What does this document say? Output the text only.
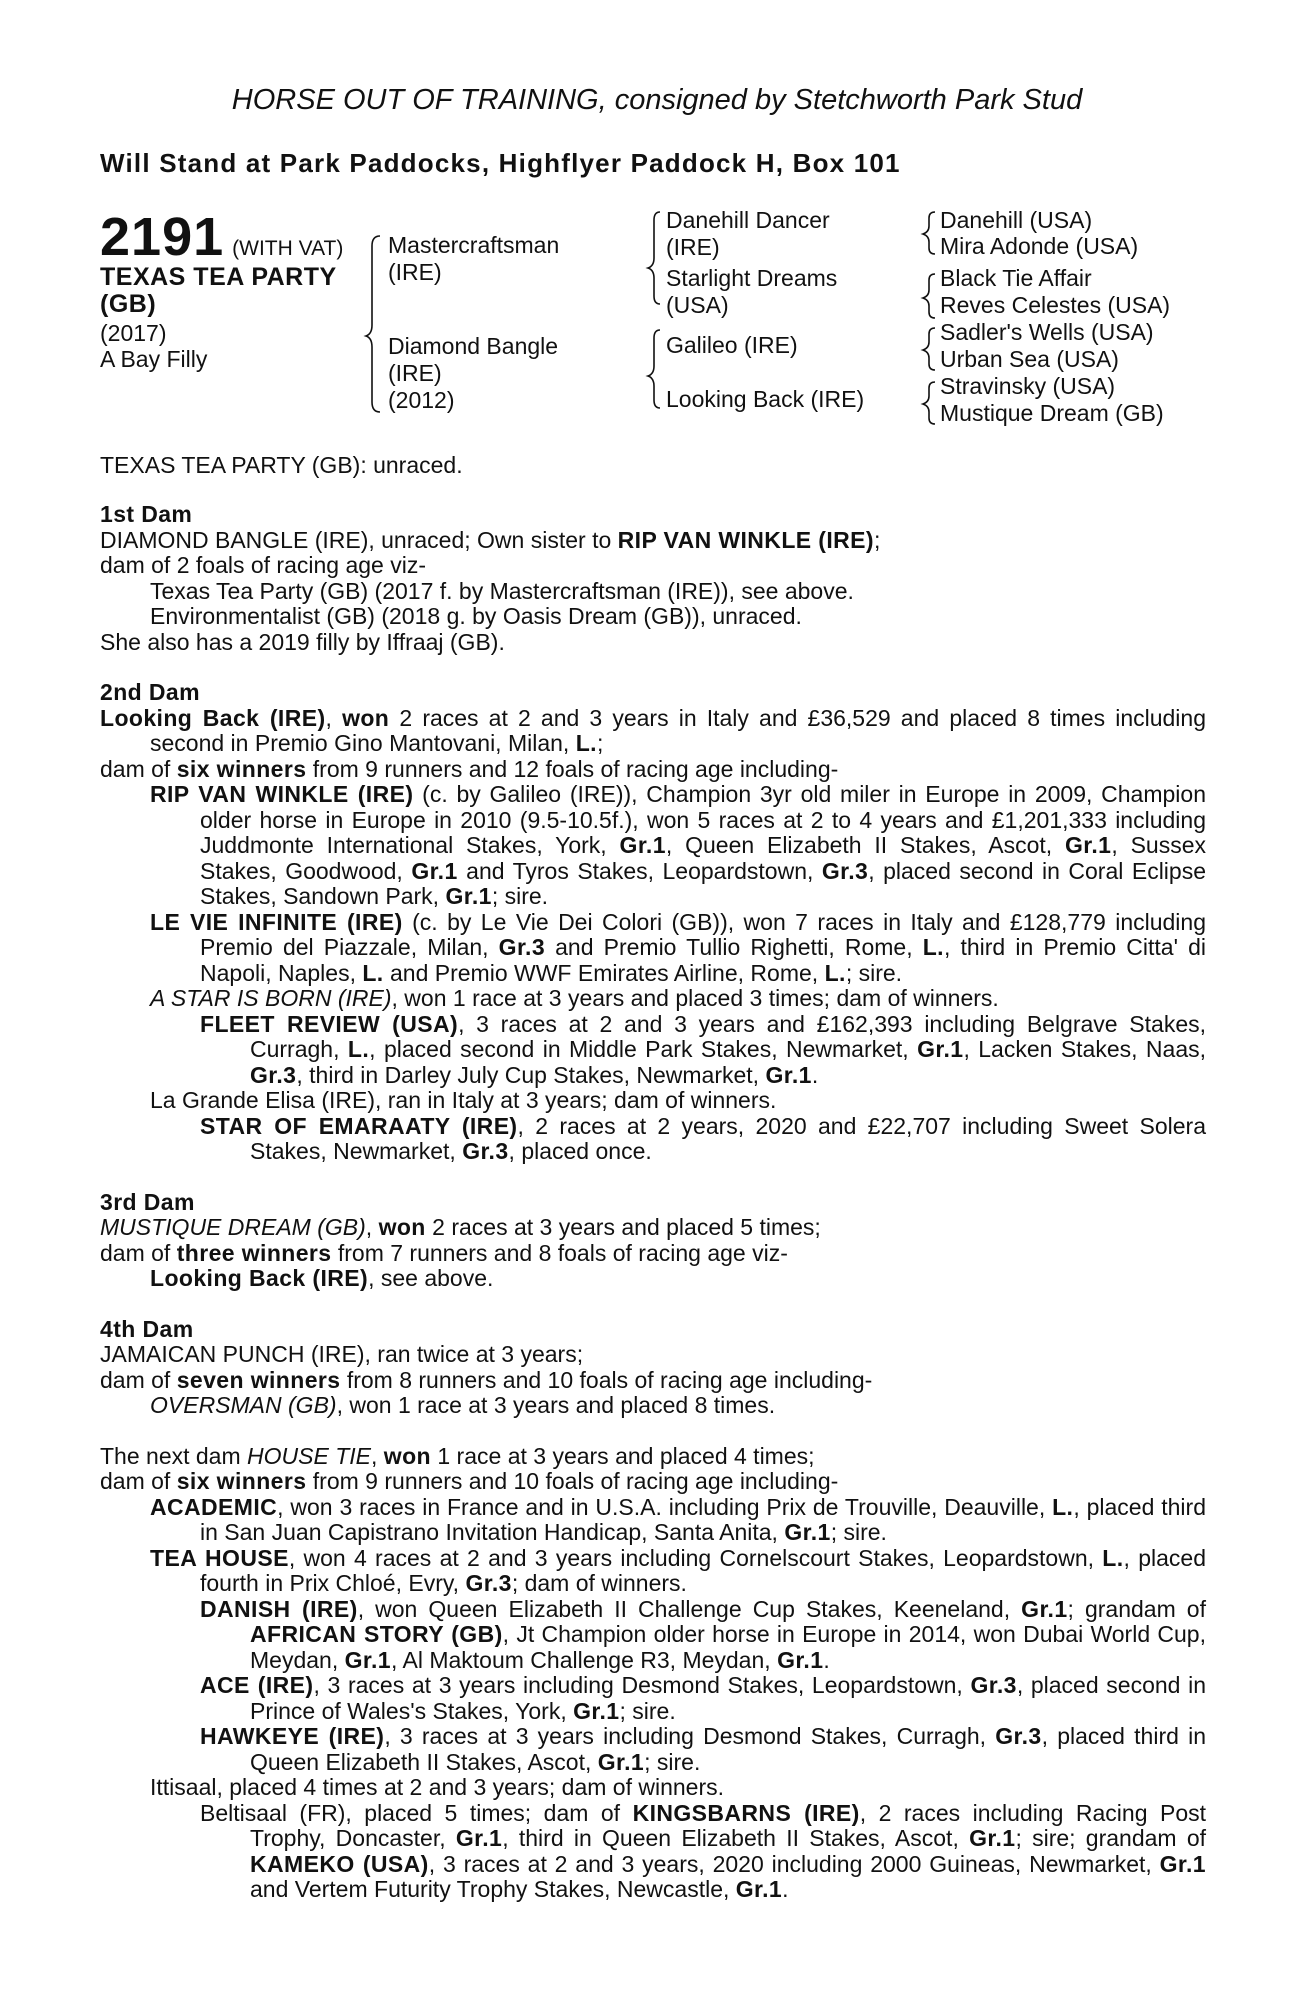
HORSE OUT OF TRAINING, consigned by Stetchworth Park Stud
Will Stand at Park Paddocks, Highflyer Paddock H, Box 101
2191 (WITH VAT)
TEXAS TEA PARTY (GB)
(2017)
A Bay Filly
Mastercraftsman
(IRE)
Diamond Bangle
(IRE)
(2012)
Danehill Dancer
(IRE)
Starlight Dreams
(USA)
Galileo (IRE)
Looking Back (IRE)
Danehill (USA)
Mira Adonde (USA)
Black Tie Affair
Reves Celestes (USA)
Sadler's Wells (USA)
Urban Sea (USA)
Stravinsky (USA)
Mustique Dream (GB)
TEXAS TEA PARTY (GB): unraced.
1st Dam
DIAMOND BANGLE (IRE), unraced; Own sister to RIP VAN WINKLE (IRE);
dam of 2 foals of racing age viz-
Texas Tea Party (GB) (2017 f. by Mastercraftsman (IRE)), see above.
Environmentalist (GB) (2018 g. by Oasis Dream (GB)), unraced.
She also has a 2019 filly by Iffraaj (GB).
2nd Dam
Looking Back (IRE), won 2 races at 2 and 3 years in Italy and £36,529 and placed 8 times including second in Premio Gino Mantovani, Milan, L.;
dam of six winners from 9 runners and 12 foals of racing age including-
RIP VAN WINKLE (IRE) (c. by Galileo (IRE)), Champion 3yr old miler in Europe in 2009, Champion older horse in Europe in 2010 (9.5-10.5f.), won 5 races at 2 to 4 years and £1,201,333 including Juddmonte International Stakes, York, Gr.1, Queen Elizabeth II Stakes, Ascot, Gr.1, Sussex Stakes, Goodwood, Gr.1 and Tyros Stakes, Leopardstown, Gr.3, placed second in Coral Eclipse Stakes, Sandown Park, Gr.1; sire.
LE VIE INFINITE (IRE) (c. by Le Vie Dei Colori (GB)), won 7 races in Italy and £128,779 including Premio del Piazzale, Milan, Gr.3 and Premio Tullio Righetti, Rome, L., third in Premio Citta' di Napoli, Naples, L. and Premio WWF Emirates Airline, Rome, L.; sire.
A STAR IS BORN (IRE), won 1 race at 3 years and placed 3 times; dam of winners.
FLEET REVIEW (USA), 3 races at 2 and 3 years and £162,393 including Belgrave Stakes, Curragh, L., placed second in Middle Park Stakes, Newmarket, Gr.1, Lacken Stakes, Naas, Gr.3, third in Darley July Cup Stakes, Newmarket, Gr.1.
La Grande Elisa (IRE), ran in Italy at 3 years; dam of winners.
STAR OF EMARAATY (IRE), 2 races at 2 years, 2020 and £22,707 including Sweet Solera Stakes, Newmarket, Gr.3, placed once.
3rd Dam
MUSTIQUE DREAM (GB), won 2 races at 3 years and placed 5 times;
dam of three winners from 7 runners and 8 foals of racing age viz-
Looking Back (IRE), see above.
4th Dam
JAMAICAN PUNCH (IRE), ran twice at 3 years;
dam of seven winners from 8 runners and 10 foals of racing age including-
OVERSMAN (GB), won 1 race at 3 years and placed 8 times.
The next dam HOUSE TIE, won 1 race at 3 years and placed 4 times;
dam of six winners from 9 runners and 10 foals of racing age including-
ACADEMIC, won 3 races in France and in U.S.A. including Prix de Trouville, Deauville, L., placed third in San Juan Capistrano Invitation Handicap, Santa Anita, Gr.1; sire.
TEA HOUSE, won 4 races at 2 and 3 years including Cornelscourt Stakes, Leopardstown, L., placed fourth in Prix Chloé, Evry, Gr.3; dam of winners.
DANISH (IRE), won Queen Elizabeth II Challenge Cup Stakes, Keeneland, Gr.1; grandam of AFRICAN STORY (GB), Jt Champion older horse in Europe in 2014, won Dubai World Cup, Meydan, Gr.1, Al Maktoum Challenge R3, Meydan, Gr.1.
ACE (IRE), 3 races at 3 years including Desmond Stakes, Leopardstown, Gr.3, placed second in Prince of Wales's Stakes, York, Gr.1; sire.
HAWKEYE (IRE), 3 races at 3 years including Desmond Stakes, Curragh, Gr.3, placed third in Queen Elizabeth II Stakes, Ascot, Gr.1; sire.
Ittisaal, placed 4 times at 2 and 3 years; dam of winners.
Beltisaal (FR), placed 5 times; dam of KINGSBARNS (IRE), 2 races including Racing Post Trophy, Doncaster, Gr.1, third in Queen Elizabeth II Stakes, Ascot, Gr.1; sire; grandam of KAMEKO (USA), 3 races at 2 and 3 years, 2020 including 2000 Guineas, Newmarket, Gr.1 and Vertem Futurity Trophy Stakes, Newcastle, Gr.1.
